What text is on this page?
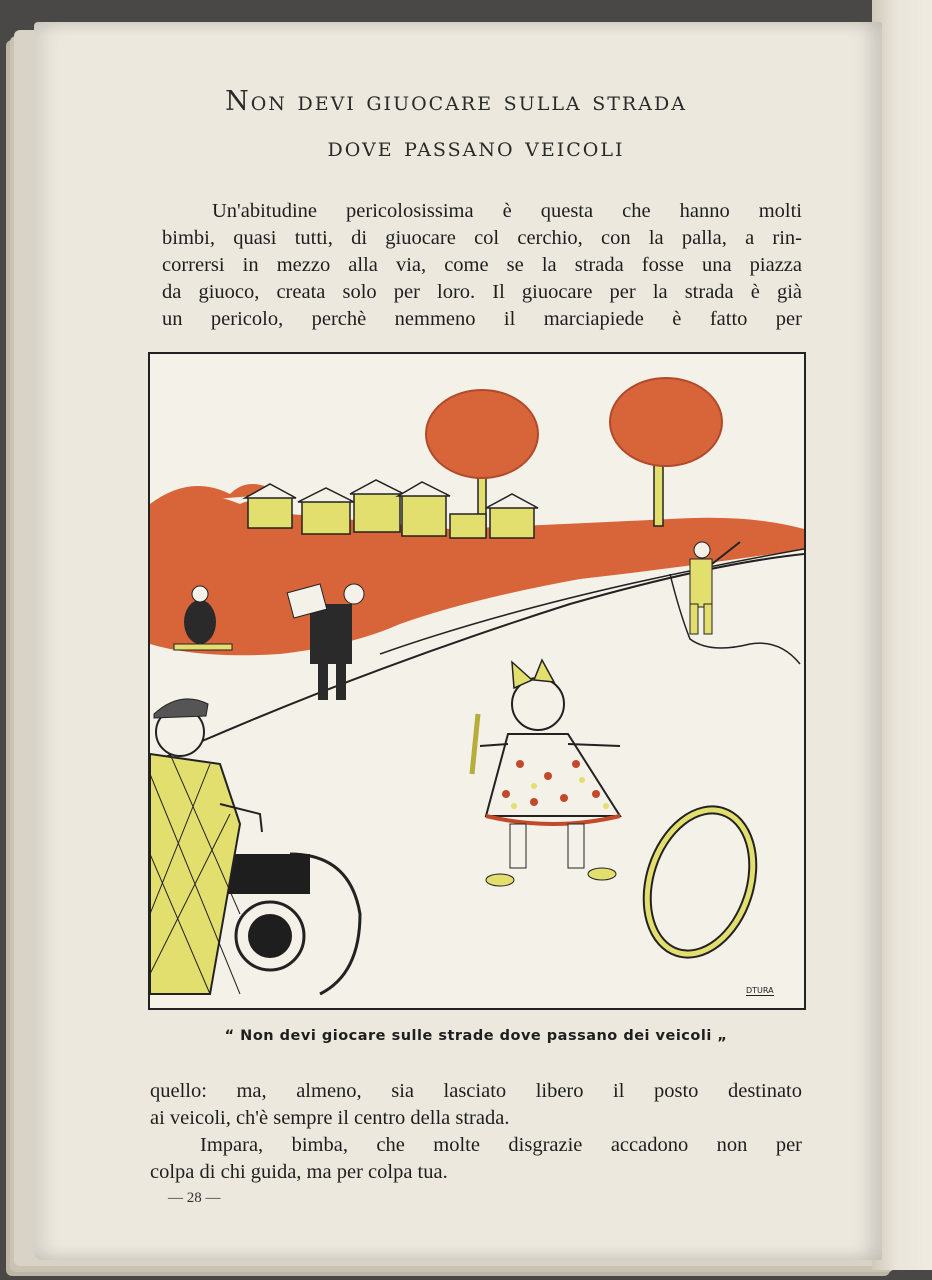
Non devi giuocare sulla strada
dove passano veicoli
Un'abitudine pericolosissima è questa che hanno molti
bimbi, quasi tutti, di giuocare col cerchio, con la palla, a rin-
corrersi in mezzo alla via, come se la strada fosse una piazza
da giuoco, creata solo per loro. Il giuocare per la strada è già
un pericolo, perchè nemmeno il marciapiede è fatto per
DTURA
“ Non devi giocare sulle strade dove passano dei veicoli „
quello: ma, almeno, sia lasciato libero il posto destinato
ai veicoli, ch'è sempre il centro della strada.
Impara, bimba, che molte disgrazie accadono non per
colpa di chi guida, ma per colpa tua.
— 28 —
